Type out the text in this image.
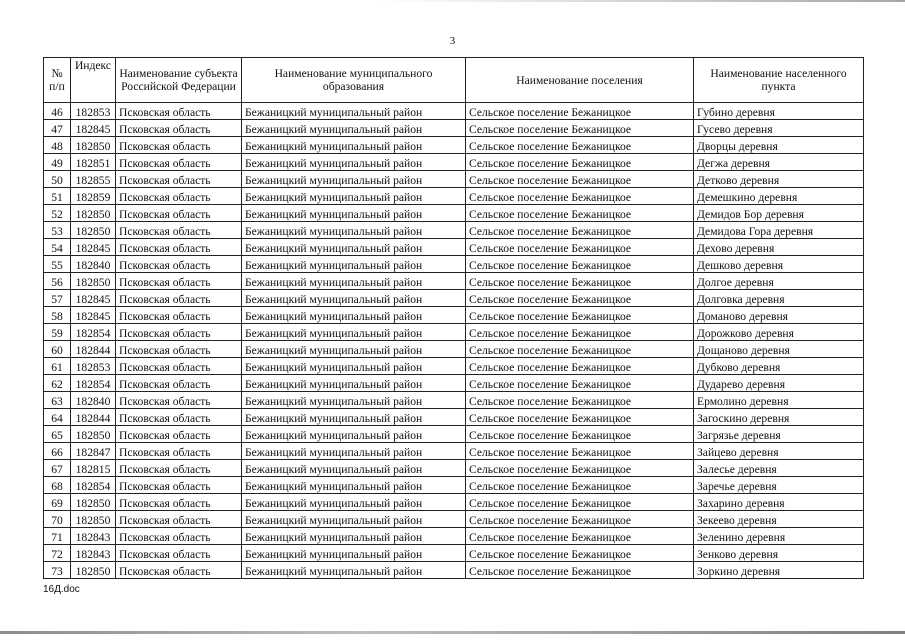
3
№ п/п	Индекс	Наименование субъекта Российской Федерации	Наименование муниципального образования	Наименование поселения	Наименование населенного пункта
46	182853	Псковская область	Бежаницкий муниципальный район	Сельское поселение Бежаницкое	Губино деревня
47	182845	Псковская область	Бежаницкий муниципальный район	Сельское поселение Бежаницкое	Гусево деревня
48	182850	Псковская область	Бежаницкий муниципальный район	Сельское поселение Бежаницкое	Дворцы деревня
49	182851	Псковская область	Бежаницкий муниципальный район	Сельское поселение Бежаницкое	Дегжа деревня
50	182855	Псковская область	Бежаницкий муниципальный район	Сельское поселение Бежаницкое	Детково деревня
51	182859	Псковская область	Бежаницкий муниципальный район	Сельское поселение Бежаницкое	Демешкино деревня
52	182850	Псковская область	Бежаницкий муниципальный район	Сельское поселение Бежаницкое	Демидов Бор деревня
53	182850	Псковская область	Бежаницкий муниципальный район	Сельское поселение Бежаницкое	Демидова Гора деревня
54	182845	Псковская область	Бежаницкий муниципальный район	Сельское поселение Бежаницкое	Дехово деревня
55	182840	Псковская область	Бежаницкий муниципальный район	Сельское поселение Бежаницкое	Дешково деревня
56	182850	Псковская область	Бежаницкий муниципальный район	Сельское поселение Бежаницкое	Долгое деревня
57	182845	Псковская область	Бежаницкий муниципальный район	Сельское поселение Бежаницкое	Долговка деревня
58	182845	Псковская область	Бежаницкий муниципальный район	Сельское поселение Бежаницкое	Доманово деревня
59	182854	Псковская область	Бежаницкий муниципальный район	Сельское поселение Бежаницкое	Дорожково деревня
60	182844	Псковская область	Бежаницкий муниципальный район	Сельское поселение Бежаницкое	Дощаново деревня
61	182853	Псковская область	Бежаницкий муниципальный район	Сельское поселение Бежаницкое	Дубково деревня
62	182854	Псковская область	Бежаницкий муниципальный район	Сельское поселение Бежаницкое	Дударево деревня
63	182840	Псковская область	Бежаницкий муниципальный район	Сельское поселение Бежаницкое	Ермолино деревня
64	182844	Псковская область	Бежаницкий муниципальный район	Сельское поселение Бежаницкое	Загоскино деревня
65	182850	Псковская область	Бежаницкий муниципальный район	Сельское поселение Бежаницкое	Загрязье деревня
66	182847	Псковская область	Бежаницкий муниципальный район	Сельское поселение Бежаницкое	Зайцево деревня
67	182815	Псковская область	Бежаницкий муниципальный район	Сельское поселение Бежаницкое	Залесье деревня
68	182854	Псковская область	Бежаницкий муниципальный район	Сельское поселение Бежаницкое	Заречье деревня
69	182850	Псковская область	Бежаницкий муниципальный район	Сельское поселение Бежаницкое	Захарино деревня
70	182850	Псковская область	Бежаницкий муниципальный район	Сельское поселение Бежаницкое	Зекеево деревня
71	182843	Псковская область	Бежаницкий муниципальный район	Сельское поселение Бежаницкое	Зеленино деревня
72	182843	Псковская область	Бежаницкий муниципальный район	Сельское поселение Бежаницкое	Зенково деревня
73	182850	Псковская область	Бежаницкий муниципальный район	Сельское поселение Бежаницкое	Зоркино деревня
16Д.doc
